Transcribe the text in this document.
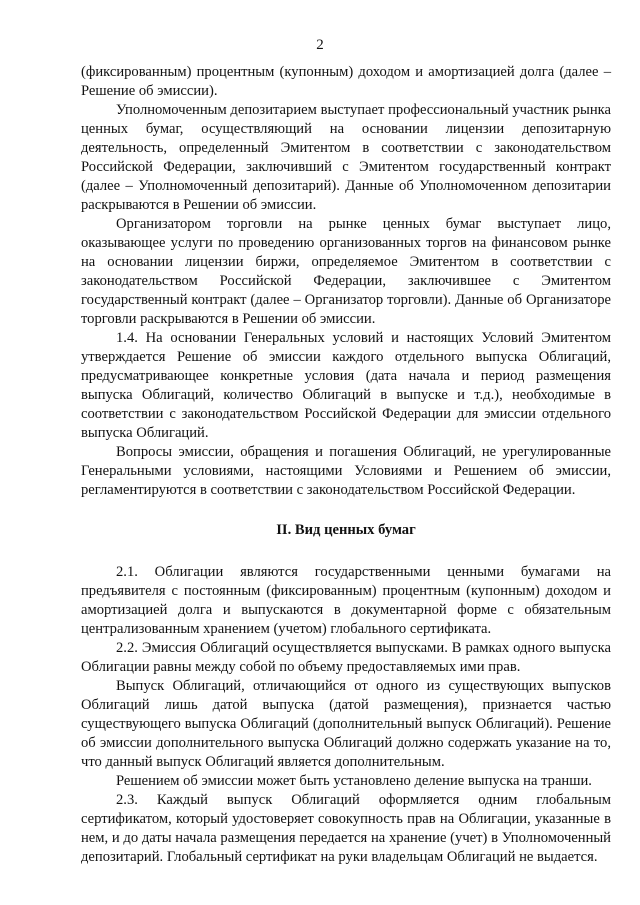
2

(фиксированным) процентным (купонным) доходом и амортизацией долга (далее – Решение об эмиссии).

Уполномоченным депозитарием выступает профессиональный участник рынка ценных бумаг, осуществляющий на основании лицензии депозитарную деятельность, определенный Эмитентом в соответствии с законодательством Российской Федерации, заключивший с Эмитентом государственный контракт (далее – Уполномоченный депозитарий). Данные об Уполномоченном депозитарии раскрываются в Решении об эмиссии.

Организатором торговли на рынке ценных бумаг выступает лицо, оказывающее услуги по проведению организованных торгов на финансовом рынке на основании лицензии биржи, определяемое Эмитентом в соответствии с законодательством Российской Федерации, заключившее с Эмитентом государственный контракт (далее – Организатор торговли). Данные об Организаторе торговли раскрываются в Решении об эмиссии.

1.4. На основании Генеральных условий и настоящих Условий Эмитентом утверждается Решение об эмиссии каждого отдельного выпуска Облигаций, предусматривающее конкретные условия (дата начала и период размещения выпуска Облигаций, количество Облигаций в выпуске и т.д.), необходимые в соответствии с законодательством Российской Федерации для эмиссии отдельного выпуска Облигаций.

Вопросы эмиссии, обращения и погашения Облигаций, не урегулированные Генеральными условиями, настоящими Условиями и Решением об эмиссии, регламентируются в соответствии с законодательством Российской Федерации.

II. Вид ценных бумаг

2.1. Облигации являются государственными ценными бумагами на предъявителя с постоянным (фиксированным) процентным (купонным) доходом и амортизацией долга и выпускаются в документарной форме с обязательным централизованным хранением (учетом) глобального сертификата.

2.2. Эмиссия Облигаций осуществляется выпусками. В рамках одного выпуска Облигации равны между собой по объему предоставляемых ими прав.

Выпуск Облигаций, отличающийся от одного из существующих выпусков Облигаций лишь датой выпуска (датой размещения), признается частью существующего выпуска Облигаций (дополнительный выпуск Облигаций). Решение об эмиссии дополнительного выпуска Облигаций должно содержать указание на то, что данный выпуск Облигаций является дополнительным.

Решением об эмиссии может быть установлено деление выпуска на транши.

2.3. Каждый выпуск Облигаций оформляется одним глобальным сертификатом, который удостоверяет совокупность прав на Облигации, указанные в нем, и до даты начала размещения передается на хранение (учет) в Уполномоченный депозитарий. Глобальный сертификат на руки владельцам Облигаций не выдается.
